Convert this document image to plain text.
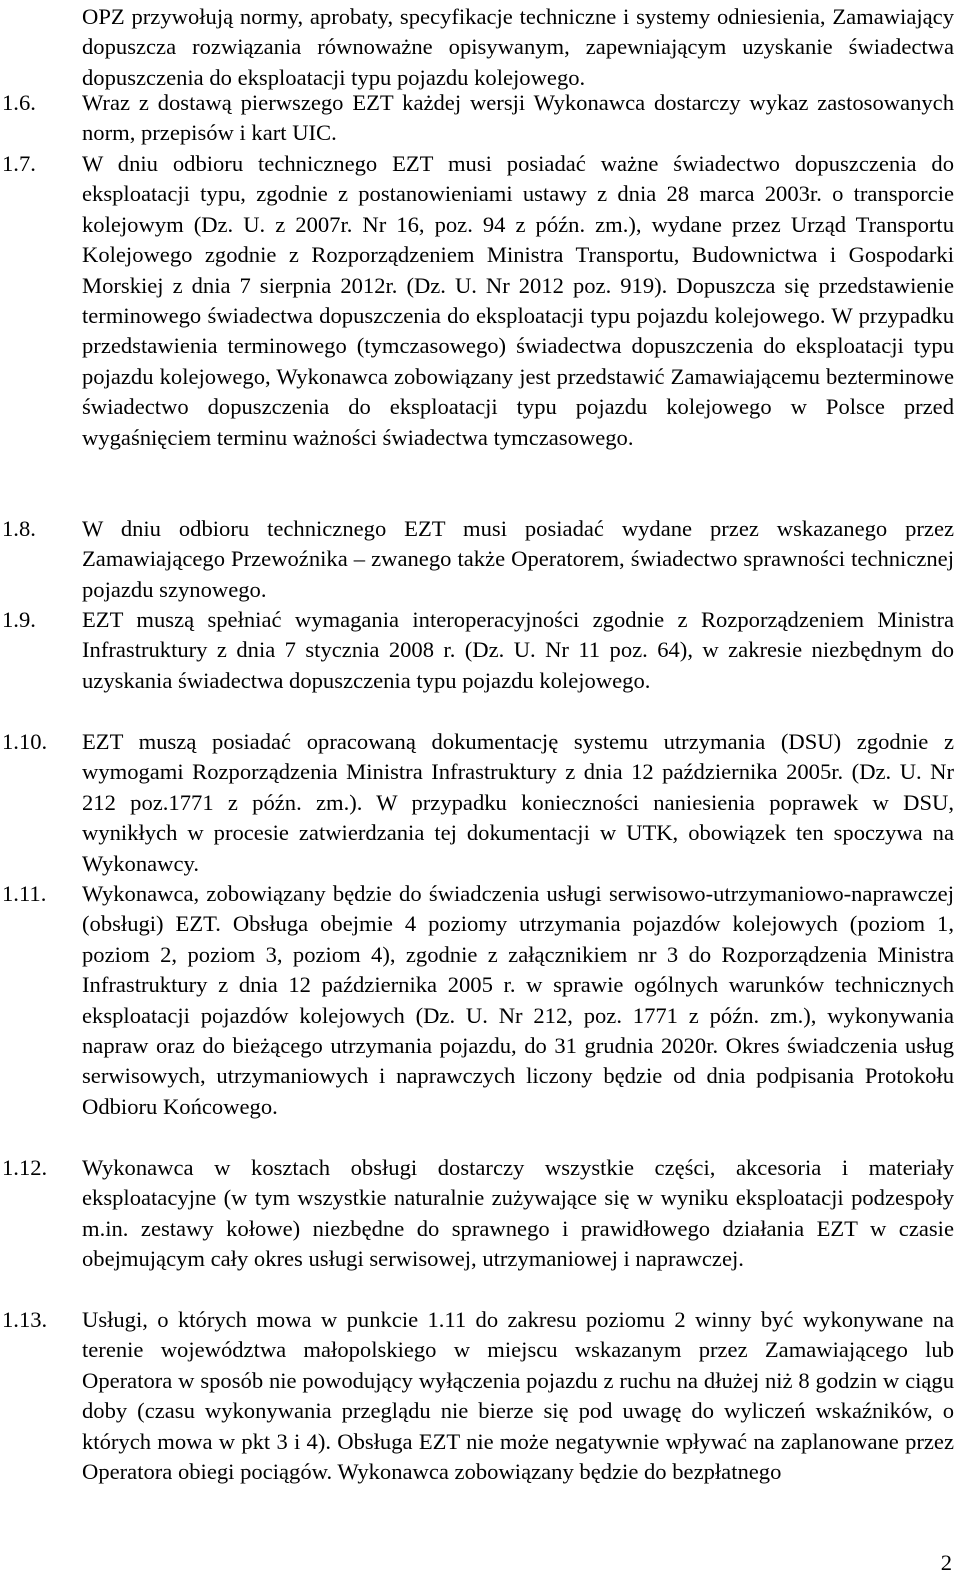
OPZ przywołują normy, aprobaty, specyfikacje techniczne i systemy odniesienia, Zamawiający dopuszcza rozwiązania równoważne opisywanym, zapewniającym uzyskanie świadectwa dopuszczenia do eksploatacji typu pojazdu kolejowego.
1.6. Wraz z dostawą pierwszego EZT każdej wersji Wykonawca dostarczy wykaz zastosowanych norm, przepisów i kart UIC.
1.7. W dniu odbioru technicznego EZT musi posiadać ważne świadectwo dopuszczenia do eksploatacji typu, zgodnie z postanowieniami ustawy z dnia 28 marca 2003r. o transporcie kolejowym (Dz. U. z 2007r. Nr 16, poz. 94 z późn. zm.), wydane przez Urząd Transportu Kolejowego zgodnie z Rozporządzeniem Ministra Transportu, Budownictwa i Gospodarki Morskiej z dnia 7 sierpnia 2012r. (Dz. U. Nr 2012 poz. 919). Dopuszcza się przedstawienie terminowego świadectwa dopuszczenia do eksploatacji typu pojazdu kolejowego. W przypadku przedstawienia terminowego (tymczasowego) świadectwa dopuszczenia do eksploatacji typu pojazdu kolejowego, Wykonawca zobowiązany jest przedstawić Zamawiającemu bezterminowe świadectwo dopuszczenia do eksploatacji typu pojazdu kolejowego w Polsce przed wygaśnięciem terminu ważności świadectwa tymczasowego.
1.8. W dniu odbioru technicznego EZT musi posiadać wydane przez wskazanego przez Zamawiającego Przewoźnika – zwanego także Operatorem, świadectwo sprawności technicznej pojazdu szynowego.
1.9. EZT muszą spełniać wymagania interoperacyjności zgodnie z Rozporządzeniem Ministra Infrastruktury z dnia 7 stycznia 2008 r. (Dz. U. Nr 11 poz. 64), w zakresie niezbędnym do uzyskania świadectwa dopuszczenia typu pojazdu kolejowego.
1.10. EZT muszą posiadać opracowaną dokumentację systemu utrzymania (DSU) zgodnie z wymogami Rozporządzenia Ministra Infrastruktury z dnia 12 października 2005r. (Dz. U. Nr 212 poz.1771 z późn. zm.). W przypadku konieczności naniesienia poprawek w DSU, wynikłych w procesie zatwierdzania tej dokumentacji w UTK, obowiązek ten spoczywa na Wykonawcy.
1.11. Wykonawca, zobowiązany będzie do świadczenia usługi serwisowo-utrzymaniowo-naprawczej (obsługi) EZT. Obsługa obejmie 4 poziomy utrzymania pojazdów kolejowych (poziom 1, poziom 2, poziom 3, poziom 4), zgodnie z załącznikiem nr 3 do Rozporządzenia Ministra Infrastruktury z dnia 12 października 2005 r. w sprawie ogólnych warunków technicznych eksploatacji pojazdów kolejowych (Dz. U. Nr 212, poz. 1771 z późn. zm.), wykonywania napraw oraz do bieżącego utrzymania pojazdu, do 31 grudnia 2020r. Okres świadczenia usług serwisowych, utrzymaniowych i naprawczych liczony będzie od dnia podpisania Protokołu Odbioru Końcowego.
1.12. Wykonawca w kosztach obsługi dostarczy wszystkie części, akcesoria i materiały eksploatacyjne (w tym wszystkie naturalnie zużywające się w wyniku eksploatacji podzespoły m.in. zestawy kołowe) niezbędne do sprawnego i prawidłowego działania EZT w czasie obejmującym cały okres usługi serwisowej, utrzymaniowej i naprawczej.
1.13. Usługi, o których mowa w punkcie 1.11 do zakresu poziomu 2 winny być wykonywane na terenie województwa małopolskiego w miejscu wskazanym przez Zamawiającego lub Operatora w sposób nie powodujący wyłączenia pojazdu z ruchu na dłużej niż 8 godzin w ciągu doby (czasu wykonywania przeglądu nie bierze się pod uwagę do wyliczeń wskaźników, o których mowa w pkt 3 i 4). Obsługa EZT nie może negatywnie wpływać na zaplanowane przez Operatora obiegi pociągów. Wykonawca zobowiązany będzie do bezpłatnego
2
